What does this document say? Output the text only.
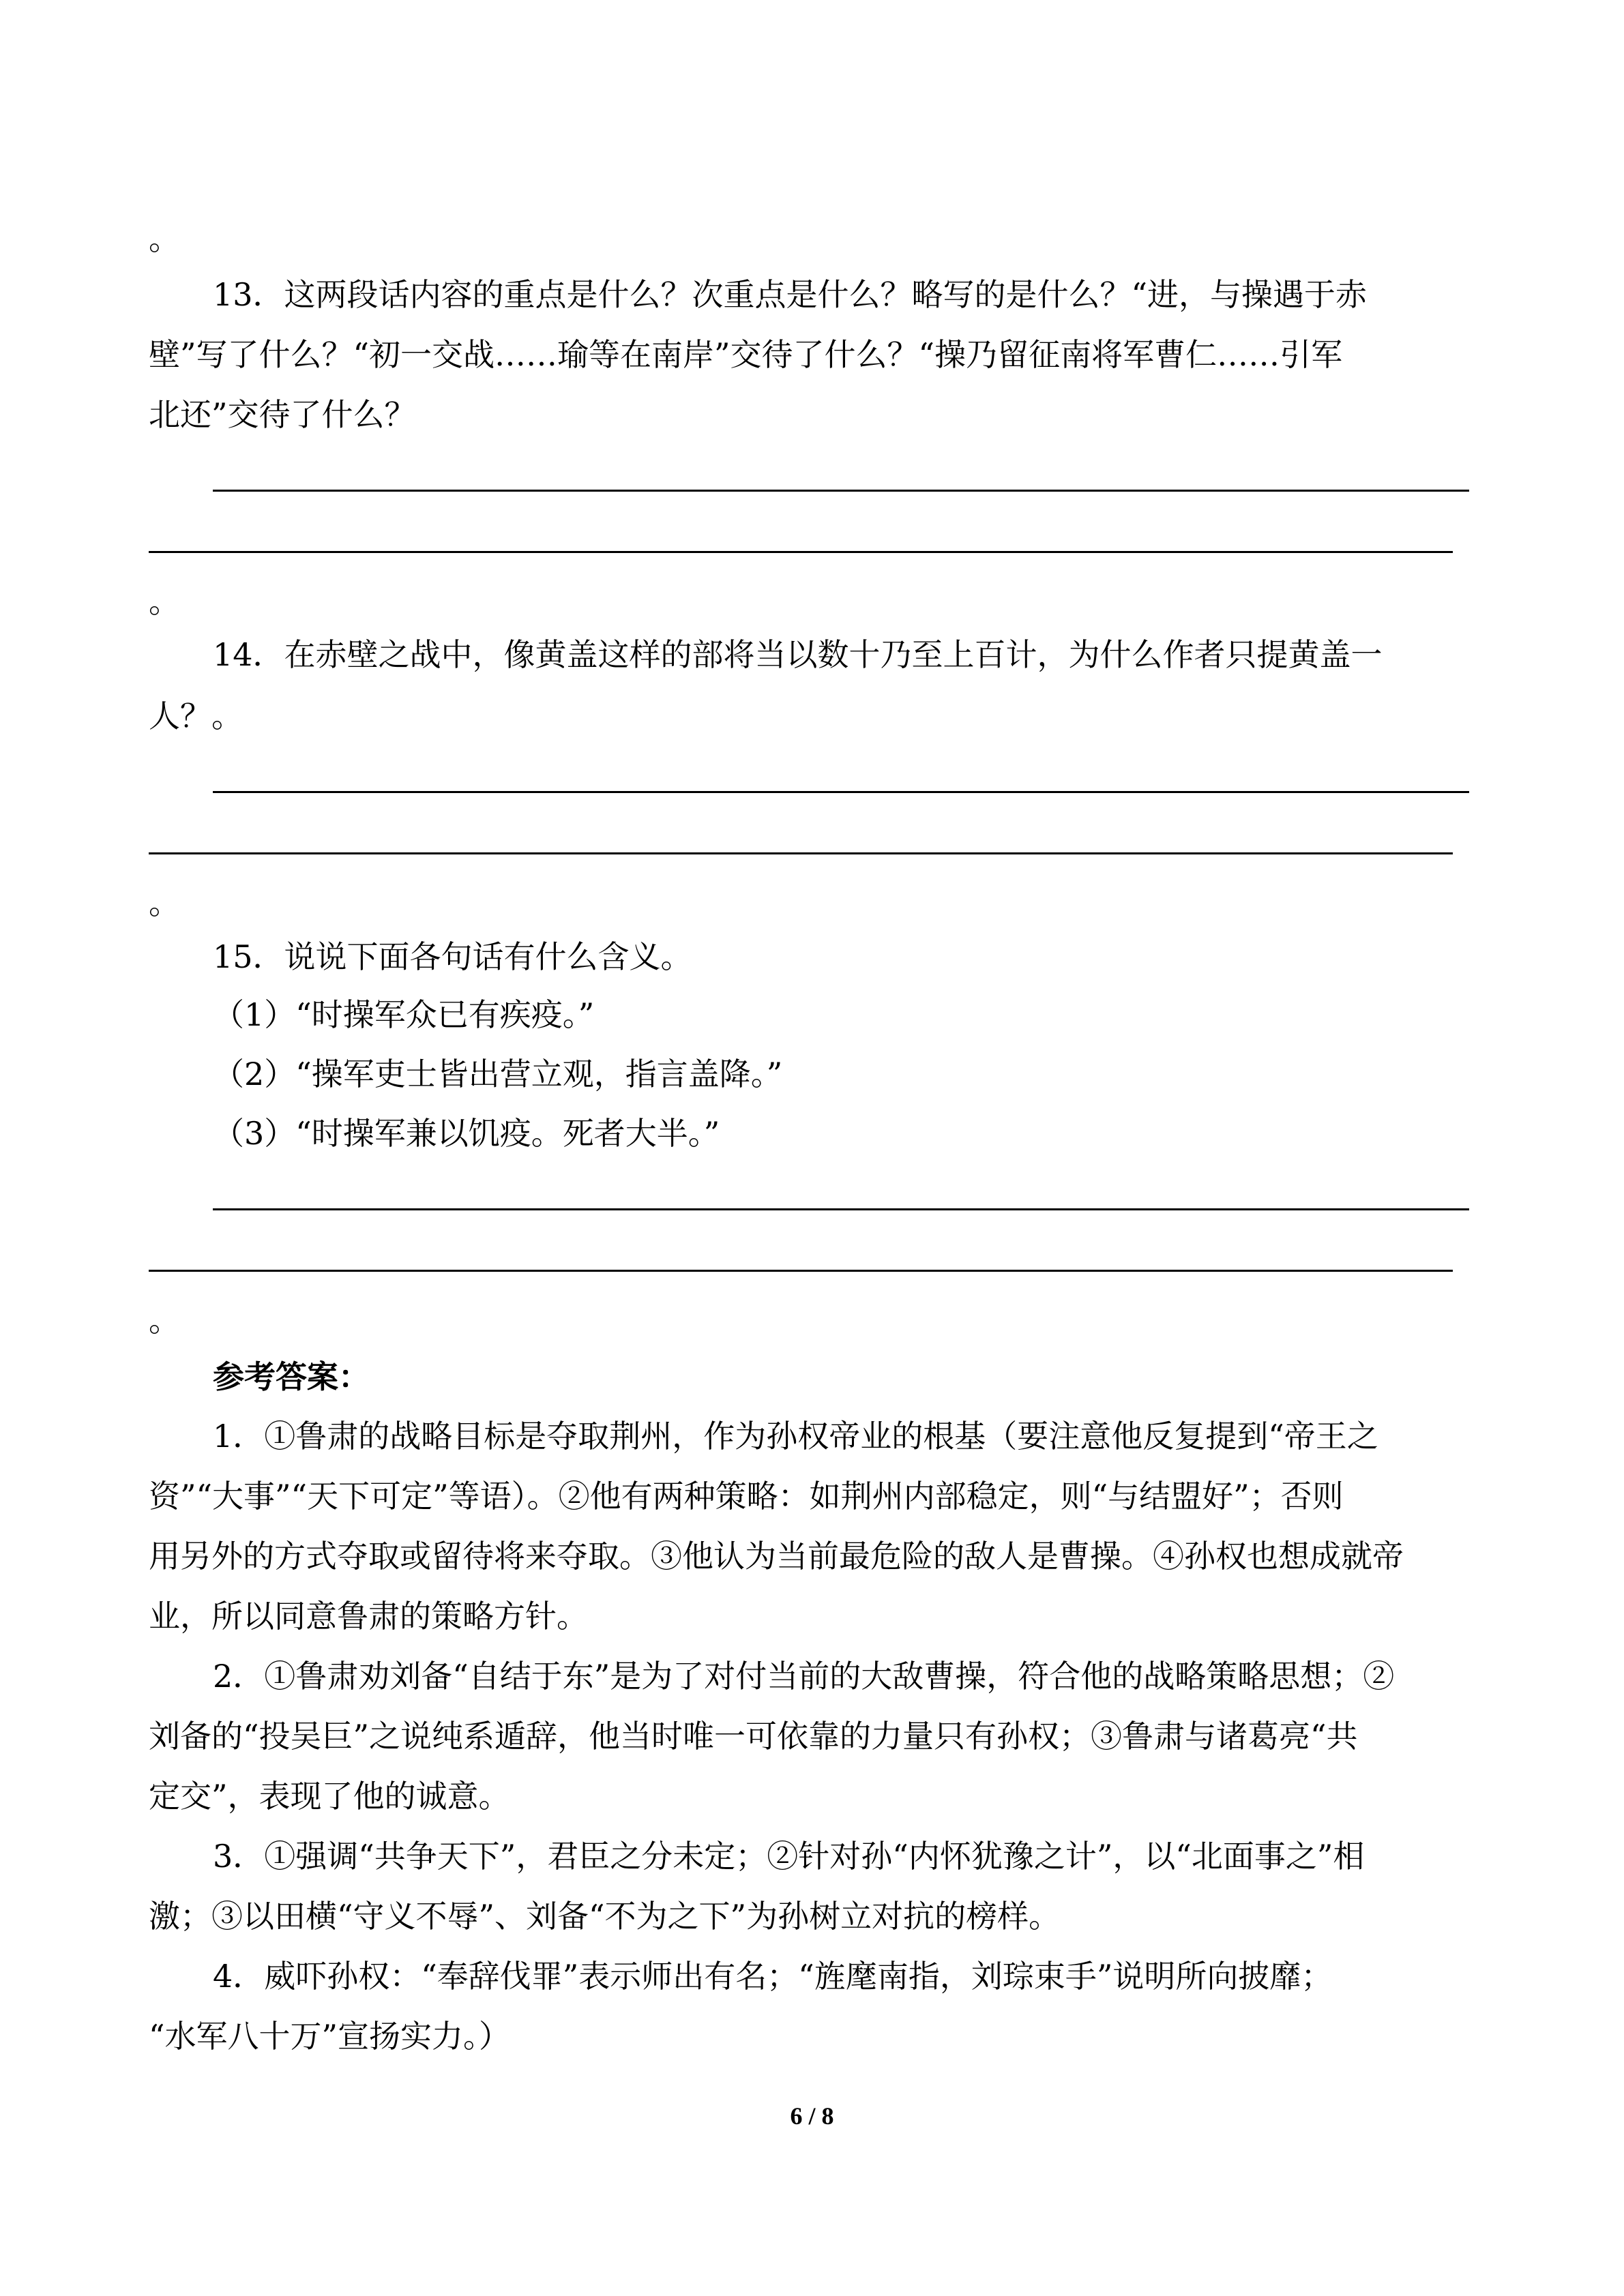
。
13．这两段话内容的重点是什么？次重点是什么？略写的是什么？“进，与操遇于赤
壁”写了什么？“初一交战……瑜等在南岸”交待了什么？“操乃留征南将军曹仁……引军
北还”交待了什么？
。
14．在赤壁之战中，像黄盖这样的部将当以数十乃至上百计，为什么作者只提黄盖一
人？。
。
15．说说下面各句话有什么含义。
（1）“时操军众已有疾疫。”
（2）“操军吏士皆出营立观，指言盖降。”
（3）“时操军兼以饥疫。死者大半。”
。
参考答案：
1．①鲁肃的战略目标是夺取荆州，作为孙权帝业的根基（要注意他反复提到“帝王之
资”“大事”“天下可定”等语）。②他有两种策略：如荆州内部稳定，则“与结盟好”；否则
用另外的方式夺取或留待将来夺取。③他认为当前最危险的敌人是曹操。④孙权也想成就帝
业，所以同意鲁肃的策略方针。
2．①鲁肃劝刘备“自结于东”是为了对付当前的大敌曹操，符合他的战略策略思想；②
刘备的“投吴巨”之说纯系遁辞，他当时唯一可依靠的力量只有孙权；③鲁肃与诸葛亮“共
定交”，表现了他的诚意。
3．①强调“共争天下”，君臣之分未定；②针对孙“内怀犹豫之计”，以“北面事之”相
激；③以田横“守义不辱”、刘备“不为之下”为孙树立对抗的榜样。
4．威吓孙权：“奉辞伐罪”表示师出有名；“旌麾南指，刘琮束手”说明所向披靡；
“水军八十万”宣扬实力。）
6 / 8
